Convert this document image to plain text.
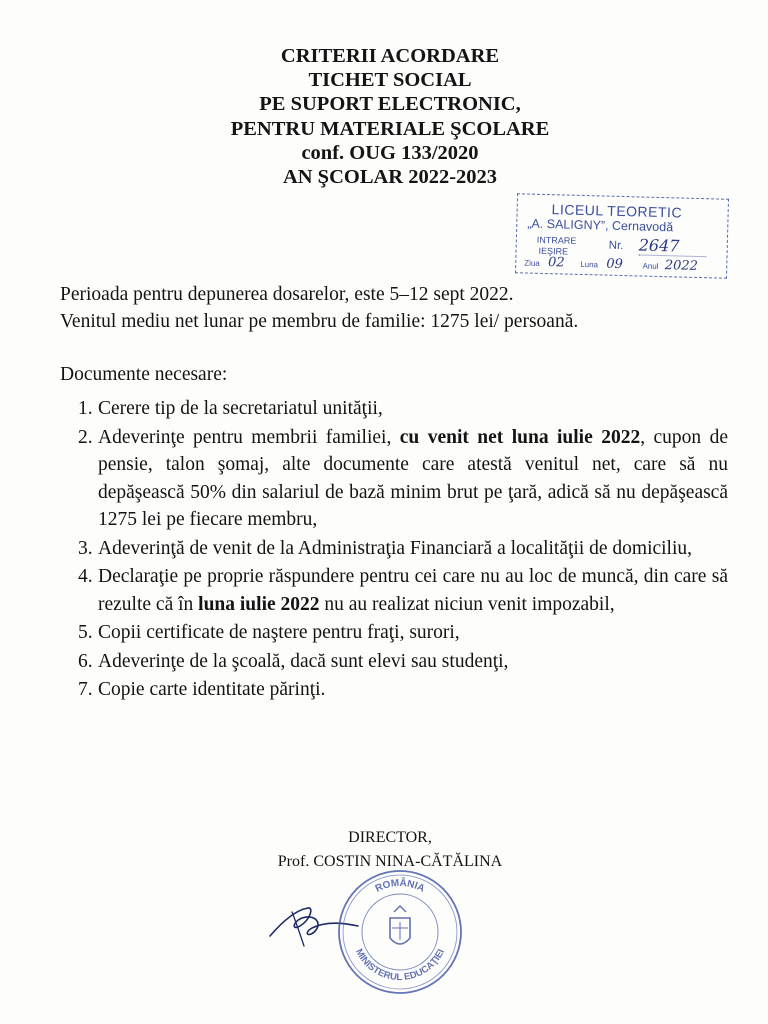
CRITERII ACORDARE
TICHET SOCIAL
PE SUPORT ELECTRONIC,
PENTRU MATERIALE ŞCOLARE
conf. OUG 133/2020
AN ŞCOLAR 2022-2023
LICEUL TEORETIC
„A. SALIGNY”, Cernavodă
INTRARE
IEŞIRE	Nr. 2647
Ziua 02 Luna 09 Anul 2022
Perioada pentru depunerea dosarelor, este 5–12 sept 2022.
Venitul mediu net lunar pe membru de familie: 1275 lei/ persoană.
Documente necesare:
1. Cerere tip de la secretariatul unităţii,
2. Adeverinţe pentru membrii familiei, cu venit net luna iulie 2022, cupon de pensie, talon şomaj, alte documente care atestă venitul net, care să nu depăşească 50% din salariul de bază minim brut pe ţară, adică să nu depăşească 1275 lei pe fiecare membru,
3. Adeverinţă de venit de la Administraţia Financiară a localităţii de domiciliu,
4. Declaraţie pe proprie răspundere pentru cei care nu au loc de muncă, din care să rezulte că în luna iulie 2022 nu au realizat niciun venit impozabil,
5. Copii certificate de naştere pentru fraţi, surori,
6. Adeverinţe de la şcoală, dacă sunt elevi sau studenţi,
7. Copie carte identitate părinţi.
DIRECTOR,
Prof. COSTIN NINA-CĂTĂLINA
ROMÂNIA
MINISTERUL EDUCAŢIEI
